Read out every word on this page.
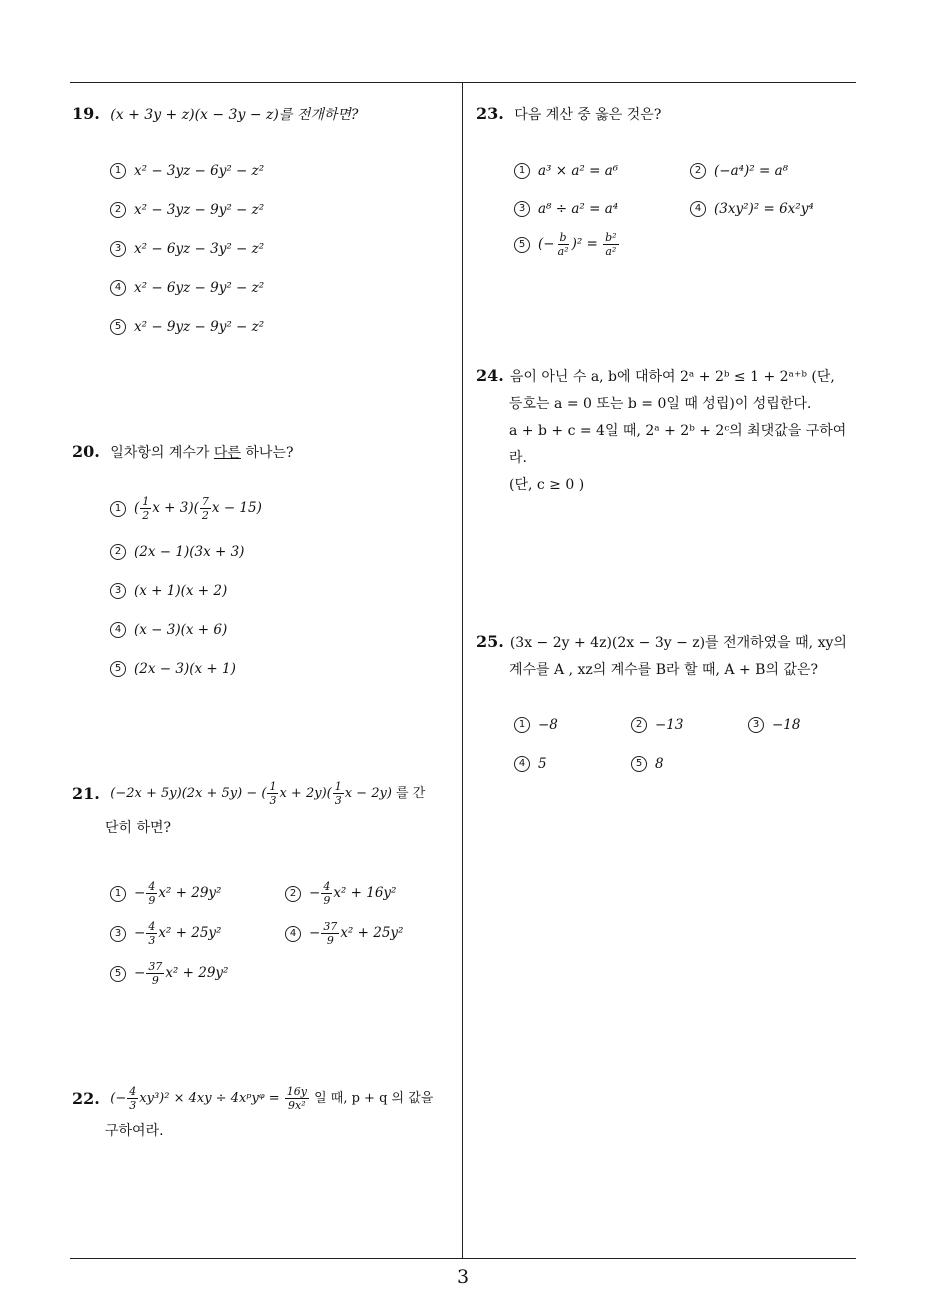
19. (x + 3y + z)(x − 3y − z)를 전개하면?
1 x² − 3yz − 6y² − z²
2 x² − 3yz − 9y² − z²
3 x² − 6yz − 3y² − z²
4 x² − 6yz − 9y² − z²
5 x² − 9yz − 9y² − z²
20. 일차항의 계수가 다른 하나는?
1 ( $\frac{1}{2}$ $x + 3)( \frac{7}{2}$ x − 15)
2 (2x − 1)(3x + 3)
3 (x + 1)(x + 2)
4 (x − 3)(x + 6)
5 (2x − 3)(x + 1)
21. (−2x + 5y)(2x + 5y) − ( $\frac{1}{3}$ $x + 2y)( \frac{1}{3}$ x − 2y) 를 간
단히 하면?
$1 - \frac{4}{9} x^2 + 29y^2$	$2 - \frac{4}{9} x^2 + 16y^2$
$3 - \frac{4}{3} x^2 + 25y^2$	$4 - \frac{37}{9} x^2 + 25y^2$
$5 - \frac{37}{9} x^2 + 29y^2$
22. (− $\frac{4}{3} xy^3)^2 \times 4xy$ ÷ 4xᵖyᵠ = $\frac{16y}{\text{9x²}}$ 일 때, p + q 의 값을
구하여라.
23. 다음 계산 중 옳은 것은?
1 a³ × a² = a⁶	2 (−a⁴)² = a⁸
3 a⁸ ÷ a² = a⁴	4 (3xy²)² = 6x²y⁴
5 (− $\frac{b}{\text{a²}} )^2 = \frac{\text{b²}}{\text{a²}}$
24. 음이 아닌 수 a, b에 대하여 2ᵃ + 2ᵇ ≤ 1 + 2ᵃ⁺ᵇ (단,
등호는 a = 0 또는 b = 0일 때 성립)이 성립한다.
a + b + c = 4일 때, 2ᵃ + 2ᵇ + 2ᶜ의 최댓값을 구하여라.
(단, c ≥ 0 )
25. (3x − 2y + 4z)(2x − 3y − z)를 전개하였을 때, xy의
계수를 A , xz의 계수를 B라 할 때, A + B의 값은?
1 −8	2 −13	3 −18
4 5	5 8
3
